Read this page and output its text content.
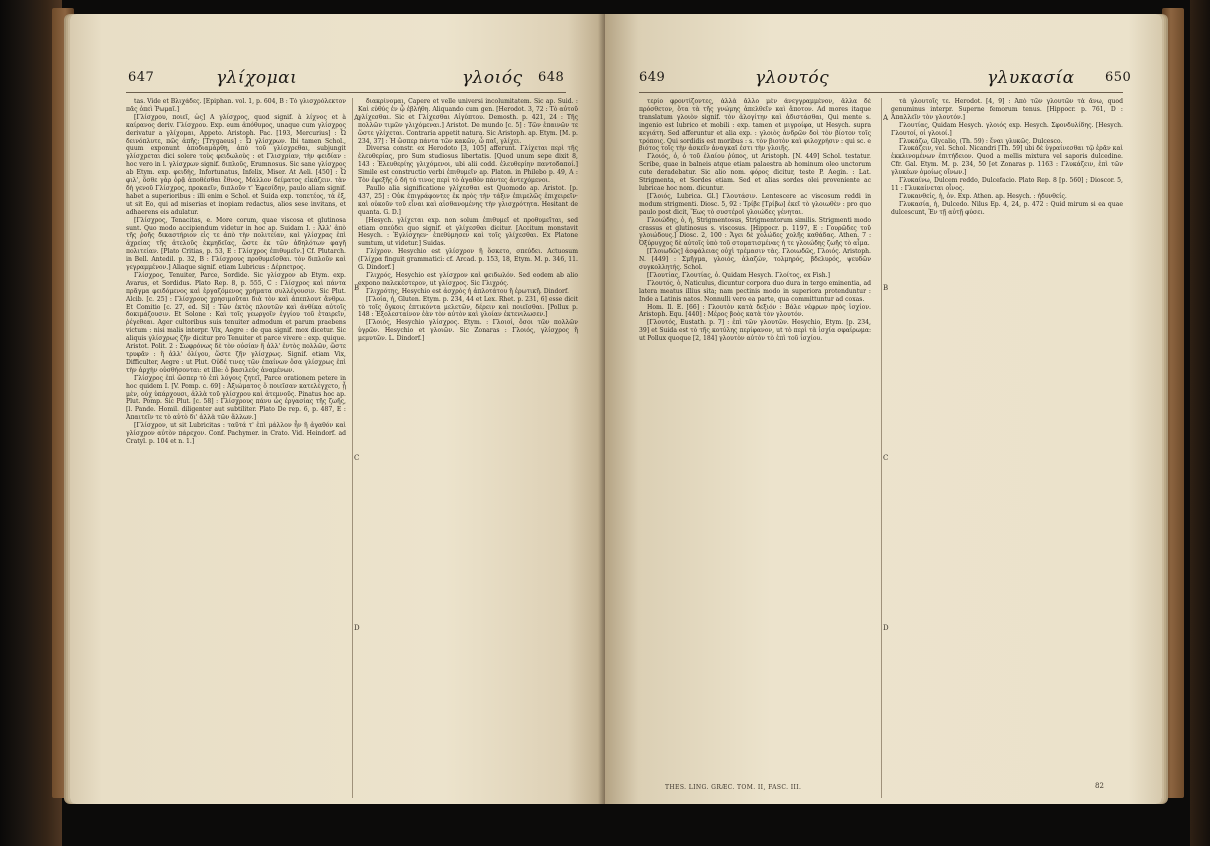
647	γλίχομαι	γλοιός 648

tas. Vide et Βλιχάδες. [Epiphan. vol. 1, p. 604, B : Τὸ γλισχρόλεκτον πᾶς ὁπεὶ Ῥωμαῖ.]

[Γλίσχρου, ποιεῖ, ὡς] Α γλίσχρος, quod signif. à λίχνος et à καίρανος deriv. Γλίσχρου. Exp. eum ἀπόθυμος, unaque cum γλίσχρος derivatur a γλίχομαι, Appeto. Aristoph. Pac. [193, Mercurius] : Ὦ δεινόπλυτε, πῶς ἀπῆς; [Trygaeus] : Ὦ γλίσχρων. Ibi tamen Schol., quum exponunt ἀποδιαμάρθη, ἀπὸ τοῦ γλίσχρεθαι, subjungit γλίσχρεται dici solere τοὺς φειδωλοὺς : et Γλισχρίαν, τὴν φειδίαν : hoc vero in l. γλίσχρων signif. διπλοῦς, Erumnosus. Sic sane γλίσχρος ab Etym. exp. φειδὴς, Infortunatus, Infelix, Miser. At Aeli. [450] : Ὦ φιλ', ὅσθε γὰρ ὁρᾷ ἀποθέσθαι ἔθνος, Μάλλον δείματος εἰκάζειν. τὰν δὴ γενοῦ Γλίσχρος, προκαεῖν, διπλοῦν τ' Ἐφεσίδην, paulo aliam signif. habet a superioribus : illi enim e Schol. et Suida exp. τοπετέος, τὰ ἐξ, ut sit Eo, qui ad miserias et inopiam redactus, alios sese invitans, et adhaerens eis adulatur.

[Γλίσχρος, Tenacitas, e. More corum, quae viscosa et glutinosa sunt. Quo modo accipiendum videtur in hoc ap. Suidam I. : Ἀλλ' ἀπὸ τῆς ῥοῆς δικαστήριον εἰς τε ἀπὸ τὴν πολιτείαν, καὶ γλίσχρας ἐπὶ ἀχρείας τῆς ἀτελοῦς ἐκμηδεῖας, ὥστε ἐκ τῶν ἀδηλότων φαγῆ πολιτείαν. [Plato Critias, p. 53, E : Γλίσχρος ἐπιθυμεῖν.] Cf. Plutarch. in Bell. Antedil. p. 32, B : Γλίσχρους προθυμεῖσθαι. τὸν διπλοῦν καὶ γεγραμμένον.] Aliaque signif. etiam Lubricus : Δέρπετρος.

Γλίσχρος, Tenuiter, Parce, Sordide. Sic γλίσχρον ab Etym. exp. Avarus, et Sordidus. Plato Rep. 8, p. 555, C : Γλίσχρος καὶ πάντα πρᾶγμα φειδόμενος καὶ ἐργαζόμενος χρήματα συλλέγουσιν. Sic Plut. Alcib. [c. 25] : Γλίσχρους χρησιμοῦται διὰ τὸν καὶ ἀπεπλουτ ἄνθρω. Et Comitio [c. 27, ed. Si] : Τῶν ἐκτὸς πλουτῶν καὶ ἀνθίκα αὐτοῖς δοκιμάζουσιν. Et Solone : Καὶ τοῖς γεωργοῖν ἐγγίου τοῦ ἑταιρεῖν, ῥέγεθεαι. Ager cultoribus suis tenuiter admodum et parum praebens victum : nisi malis interpr. Vix, Aegre : de qua signif. mox dicetur. Sic aliquis γλίσχρως ζῆν dicitur pro Tenuiter et parce vivere : exp. quique. Aristot. Polit. 2 : Σωφρόνως δὲ τὸν οὐσίαν ἢ ἀλλ' ἐντὸς πολλῶν, ὥστε τρυφᾶν : ἢ ἀλλ' ὀλίγου, ὥστε ζῆν γλίσχρως. Signif. etiam Vix, Difficulter, Aegre : ut Plut. Οὐδέ τινες τῶν ἐπαίνων ὅσα γλίσχρως ἐπὶ τὴν ἀρχὴν οὐσθήσονται: et ille: ὁ βασιλεὺς ἀναμένων.

Γλίσχρος ἐπὶ ὥσπερ τὸ ἐπὶ λόγοις ζητεῖ, Parce orationem petere in hoc quidem I. [V. Pomp. c. 69] : Ἀξιώματος ὃ ποιεῖσαν κατελέγχετο, ᾗ μὲν, οὐχ ὑπάρχουσι, ἀλλὰ τοῦ γλίσχρου καὶ ἀτεμνοῦς. Pinatus hoc ap. Plut. Pomp. Sic Plut. [c. 58] : Γλίσχρους πάνυ ὡς ἐργασίας τῆς ζωῆς, [l. Pande. Homil. diligenter aut subtiliter. Plato De rep. 6, p. 487, E : Ἀπαιτεῖν τε τὸ αὐτὸ δι' ἀλλὰ τῶν ἄλλων.]

[Γλίσχρον, ut sit Lubricitas : ταῦτά τ' ἐπὶ μάλλον ἦν ἢ ἀγαθόν καὶ γλίσχρον αὐτὸν πάρεχον. Conf. Pachymer. in Crato. Vid. Heindorf. ad Cratyl. p. 104 et n. 1.]

διακρίνομαι, Capere et velle universi incolumitatem. Sic ap. Suid. : Καὶ εὐθύς ἐν ᾧ ἐβλήθη. Aliquando cum gen. [Herodot. 3, 72 : Τὸ αὐτοῦ γλίχεσθαι. Sic et Γλίχεσθαι Αἰγύπτου. Demosth. p. 421, 24 : Τῆς πολλῶν τιμῶν γλιχόμεναι.] Aristot. De mundo [c. 5] : Τῶν ἐπαινῶν τε ὥστε γλίχεται. Contraria appetit natura. Sic Aristoph. ap. Etym. [M. p. 234, 37] : Ἡ ὥσπερ πάντα τῶν κακῶν, ὦ παῖ, γλίχει.

Diversa constr. ex Herodoto [3, 105] afferunt. Γλίχεται περὶ τῆς ἐλευθερίας, pro Sum studiosus libertatis. [Quod unum sepe dixit 8, 143 : Ἐλευθερίης γλιχόμενοι, ubi alii codd. ἐλευθερίην παντοδαποί.] Simile est constructio verbi ἐπιθυμεῖν ap. Platon. in Philebo p. 49, A : Τὸν ἐφεξῆς ὁ δή τό τινος περὶ τὸ ἀγαθὸν πάντες ἀντεχόμενοι.

Paullo alia significatione γλίχεσθαι est Quomodo ap. Aristot. [p. 437, 25] : Οὐκ ἐπιγράφοντες ἐκ πρὸς τὴν τάξιν ἐπιμελῶς ἐπιχειρεῖν· καὶ οὐκοῦν τοῦ εἶναι καὶ αἰσθανομένης τὴν γλισχρότητα. Hesitant de quanta. G. D.]

[Hesych. γλίχεται exp. non solum ἐπιθυμεῖ et προθυμεῖται, sed etiam σπεύδει quo signif. et γλίχεσθαι dicitur. [Accitum monstavit Hesych. : Ἐγλίσχηεν· ἐπεθύμησεν καὶ τοῖς γλίχεσθαι. Ex Platone sumtum, ut videtur.] Suidas.

Γλίχρον. Hesychio est γλίσχρον ἢ ὅσκετο, σπεύδει. Actuosum (Γλίχρα finguit grammatici: cf. Arcad. p. 153, 18, Etym. M. p. 346, 11. G. Dindorf.]

Γλιχρός, Hesychio est γλίσχρον καὶ φειδωλόν. Sed eodem ab alio expono παλεκέστερον, ut γλίσχρος. Sic Γλιχρός.

Γλιχρότης, Hesychio est ἀσχρὸς ἡ ἀπλοτάτου ἢ ἐρωτικῆ. Dindorf.

[Γλοία, ἡ, Gluten. Etym. p. 234, 44 et Lex. Rhet. p. 231, 6] esse dicit τὸ τοῖς ὄγκοις ἐπτικόντα μελετῶν, δέρειν καὶ ποιεῖσθαι. [Pollux p. 148 : Ἐξολεσταίνον ἐὰν τὸν αὐτὸν καὶ γλοίαν ἐκτενιλωσεν.]

[Γλοιός, Hesychio γλίσχρος. Etym. : Γλοιοί, ὅσοι τῶν πολλῶν ὑγρῶν. Hesychio et γλοιῶν. Sic Zonaras : Γλοιός, γλίσχρος ἢ μεμυτῶν. L. Dindorf.]

A
B
C
D
649	γλουτός	γλυκασία 650

τερίο φροντίζοντες, ἀλλὰ ἄλλο μὲν ἀνεγγραμμένον, ἄλλα δὲ πρόσθετον, ὅτα τὰ τῆς γνώμης ἀπελθεῖν καὶ ἄποτον. Ad mores itaque translatum γλοιὸν signif. τὸν ἀλογίτην καὶ ἀδιστάσθαι, Qui mente s. ingenio est lubrico et mobili : exp. tamen et μιγροίφα, ut Hesych. supra κεγιάτη. Sed afferuntur et alia exp. : γλοιὸς ἀνδρῶν δοὶ τὸν βίοτον τοῖς τρόποις. Qui sordidis est moribus : s. τὸν βιοτὸν καὶ φιλοχρήσιν : qui sc. e βιότος τοῖς τὴν ἀσκεῖν ἀναγκαῖ ἐστι τὴν γλοιῆς.

Γλοιός, ὁ, ὁ τοῦ ἐλαίου ῥύπος, ut Aristoph. [N. 449] Schol. testatur. Scribe, quae in balneis atque etiam palaestra ab hominum oleo unctorum cute deradebatur. Sic alio nom. φόρος dicitur, teste P. Aegin. : Lat. Strigmenta, et Sordes etiam. Sed et alias sordes olei proveniente ac lubricae hoc nom. dicuntur.

[Γλοιός, Lubrica. Gl.] Γλουτάσιν. Lentescere ac viscosum reddi in modum strigmenti. Diosc. 5, 92 : Τρίβε [Τρίβω] ἐκεῖ τὸ γλοιωθὲν : pro quo paulo post dicit, Ἕως τὸ συστέροϊ γλοιώδες γένηται.

Γλοιώδης, ὁ, ἡ, Strigmentosus, Strigmentorum similis. Strigmenti modo crassus et glutinosus s. viscosus. [Hippocr. p. 1197, E : Γουρῶδες τοῦ γλοιώδους.] Diosc. 2, 100 : Ἄγει δὲ χολώδες χολῆς καθάδας. Athen. 7 : Ὀξύρυγχος δὲ αὐτοῖς ὑπὸ τοῦ στοματισμένας ἡ τε γλοιώδης ζωῆς τὸ αἷμα.

[Γλοιωδῶς] ἀσφάλειας οὐχὶ τρέμασιν τὰς. Γλοιωδῶς, Γλοιός. Aristoph. N. [449] : Σμῆγμα, γλοιός, ἀλαζών, τολμηρός, βδελυρός, ψευδῶν συγκολλητής. Schol.

[Γλουτίας, Γλουτίας, ὁ. Quidam Hesych. Γλοίτος, ex Fish.]

Γλουτός, ὁ, Naticulus, dicuntur corpora duo dura in tergo eminentia, ad latera meatus illius sita; nam pectinis modo in superiora protenduntur : Inde a Latinis natos. Nonnulli vero ea parte, qua committuntur ad coxas.

Hom. Il. E. [66] : Γλουτὸν κατὰ δεξιόν : Βάλε νέφρων πρὸς ἰσχίον. Aristoph. Equ. [440] : Μέρος βοὸς κατὰ τὸν γλουτόν.

[Γλουτός, Eustath. p. 7] : ἐπὶ τῶν γλουτῶν. Hesychio, Etym. [p. 234, 39] et Suida est τὸ τῆς κοτύλης περίφανον, ut τὸ περὶ τὰ ἰσχία σφαίρωμα: ut Pollux quoque [2, 184] γλουτὸν αὐτὸν τὸ ἐπὶ τοῦ ἰσχίου.

τὰ γλουτοῖς τε. Herodot. [4, 9] : Ἀπὸ τῶν γλουτῶν τὰ ἄνω, quod genuminus interpr. Superne femorum tenus. [Hippocr. p. 761, D : Ἀπαλλεῖν τὸν γλουτόν.]

Γλουτίας, Quidam Hesych. γλοιός exp. Hesych. Σφονδυλίδης. [Hesych. Γλουτοί, οἱ γλοιοί.]

Γλυκάζω, Glycalio, (Th. 59) : ἔναι γλυκῶς. Dulcesco.

Γλυκάζειν, vel. Schol. Nicandri [Th. 59] ubi δὲ ὑγραίνεσθαι τῷ ἐρᾶν καὶ ἐκκλινομένων ἐπιτήδειον. Quod a mellis mixtura vel saporis dulcedine. Cfr. Gal. Etym. M. p. 234, 50 [et Zonaras p. 1163 : Γλυκάζειν, ἐπὶ τῶν γλυκέων ὁμοίως οἴνων.]

Γλυκαίνω, Dulcem reddo, Dulcefacio. Plato Rep. 8 [p. 560] ; Dioscor. 5, 11 : Γλυκαίνεται οἶνος.

Γλυκανθείς, ἡ, ὁν. Exp. Athen. ap. Hesych. : ἡδυνθείς.

Γλυκασία, ἡ, Dulcedo. Nilus Ep. 4, 24, p. 472 : Quid mirum si ea quae dulcescunt, Ἐν τῇ αὐτῇ φύσει.

A
B
C
D
THES. LING. GRÆC. TOM. II, FASC. III.	82
